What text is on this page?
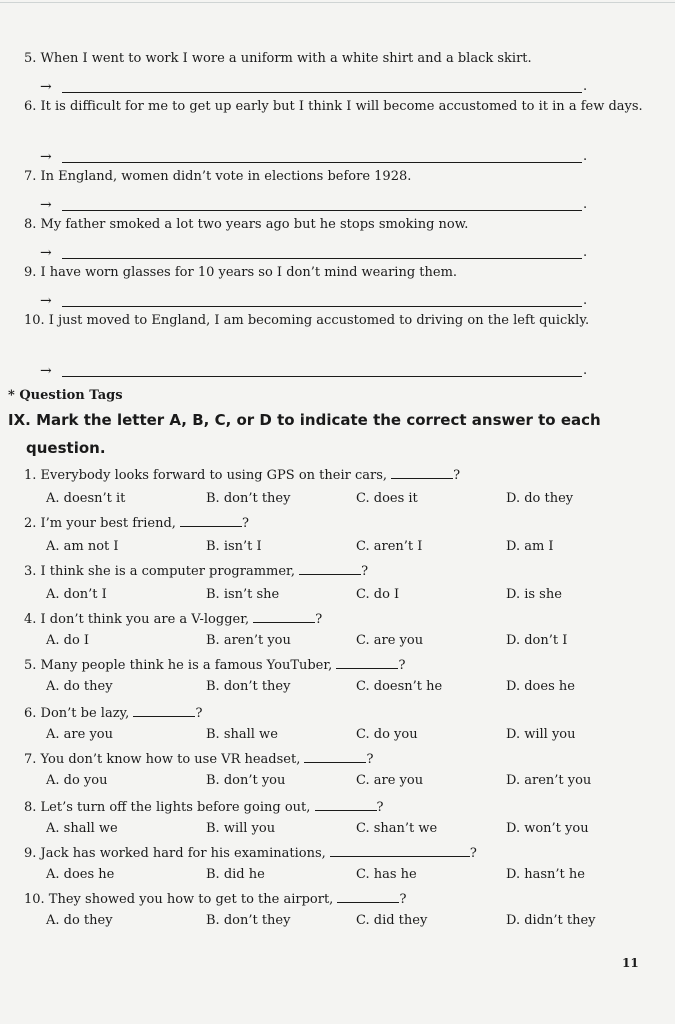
5. When I went to work I wore a uniform with a white shirt and a black skirt.
→	.
6. It is difficult for me to get up early but I think I will become accustomed to it in a few days.
→	.
7. In England, women didn’t vote in elections before 1928.
→	.
8. My father smoked a lot two years ago but he stops smoking now.
→	.
9. I have worn glasses for 10 years so I don’t mind wearing them.
→	.
10. I just moved to England, I am becoming accustomed to driving on the left quickly.
→	.
* Question Tags
IX. Mark the letter A, B, C, or D to indicate the correct answer to each
question.
1. Everybody looks forward to using GPS on their cars,	?
A. doesn’t it	B. don’t they	C. does it	D. do they
2. I’m your best friend,	?
A. am not I	B. isn’t I	C. aren’t I	D. am I
3. I think she is a computer programmer,	?
A. don’t I	B. isn’t she	C. do I	D. is she
4. I don’t think you are a V-logger,	?
A. do I	B. aren’t you	C. are you	D. don’t I
5. Many people think he is a famous YouTuber,	?
A. do they	B. don’t they	C. doesn’t he	D. does he
6. Don’t be lazy,	?
A. are you	B. shall we	C. do you	D. will you
7. You don’t know how to use VR headset,	?
A. do you	B. don’t you	C. are you	D. aren’t you
8. Let’s turn off the lights before going out,	?
A. shall we	B. will you	C. shan’t we	D. won’t you
9. Jack has worked hard for his examinations,	?
A. does he	B. did he	C. has he	D. hasn’t he
10. They showed you how to get to the airport,	?
A. do they	B. don’t they	C. did they	D. didn’t they
11
